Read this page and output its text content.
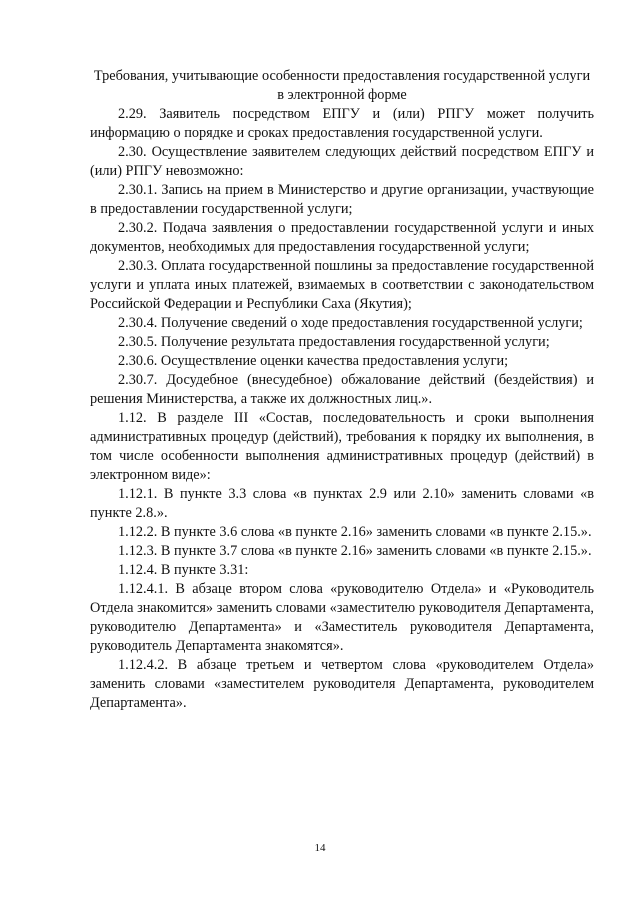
Требования, учитывающие особенности предоставления государственной услуги в электронной форме

2.29. Заявитель посредством ЕПГУ и (или) РПГУ может получить информацию о порядке и сроках предоставления государственной услуги.

2.30. Осуществление заявителем следующих действий посредством ЕПГУ и (или) РПГУ невозможно:

2.30.1. Запись на прием в Министерство и другие организации, участвующие в предоставлении государственной услуги;

2.30.2. Подача заявления о предоставлении государственной услуги и иных документов, необходимых для предоставления государственной услуги;

2.30.3. Оплата государственной пошлины за предоставление государственной услуги и уплата иных платежей, взимаемых в соответствии с законодательством Российской Федерации и Республики Саха (Якутия);

2.30.4. Получение сведений о ходе предоставления государственной услуги;

2.30.5. Получение результата предоставления государственной услуги;

2.30.6. Осуществление оценки качества предоставления услуги;

2.30.7. Досудебное (внесудебное) обжалование действий (бездействия) и решения Министерства, а также их должностных лиц.».

1.12. В разделе III «Состав, последовательность и сроки выполнения административных процедур (действий), требования к порядку их выполнения, в том числе особенности выполнения административных процедур (действий) в электронном виде»:

1.12.1. В пункте 3.3 слова «в пунктах 2.9 или 2.10» заменить словами «в пункте 2.8.».

1.12.2. В пункте 3.6 слова «в пункте 2.16» заменить словами «в пункте 2.15.».

1.12.3. В пункте 3.7 слова «в пункте 2.16» заменить словами «в пункте 2.15.».

1.12.4. В пункте 3.31:

1.12.4.1. В абзаце втором слова «руководителю Отдела» и «Руководитель Отдела знакомится» заменить словами «заместителю руководителя Департамента, руководителю Департамента» и «Заместитель руководителя Департамента, руководитель Департамента знакомятся».

1.12.4.2. В абзаце третьем и четвертом слова «руководителем Отдела» заменить словами «заместителем руководителя Департамента, руководителем Департамента».

14
